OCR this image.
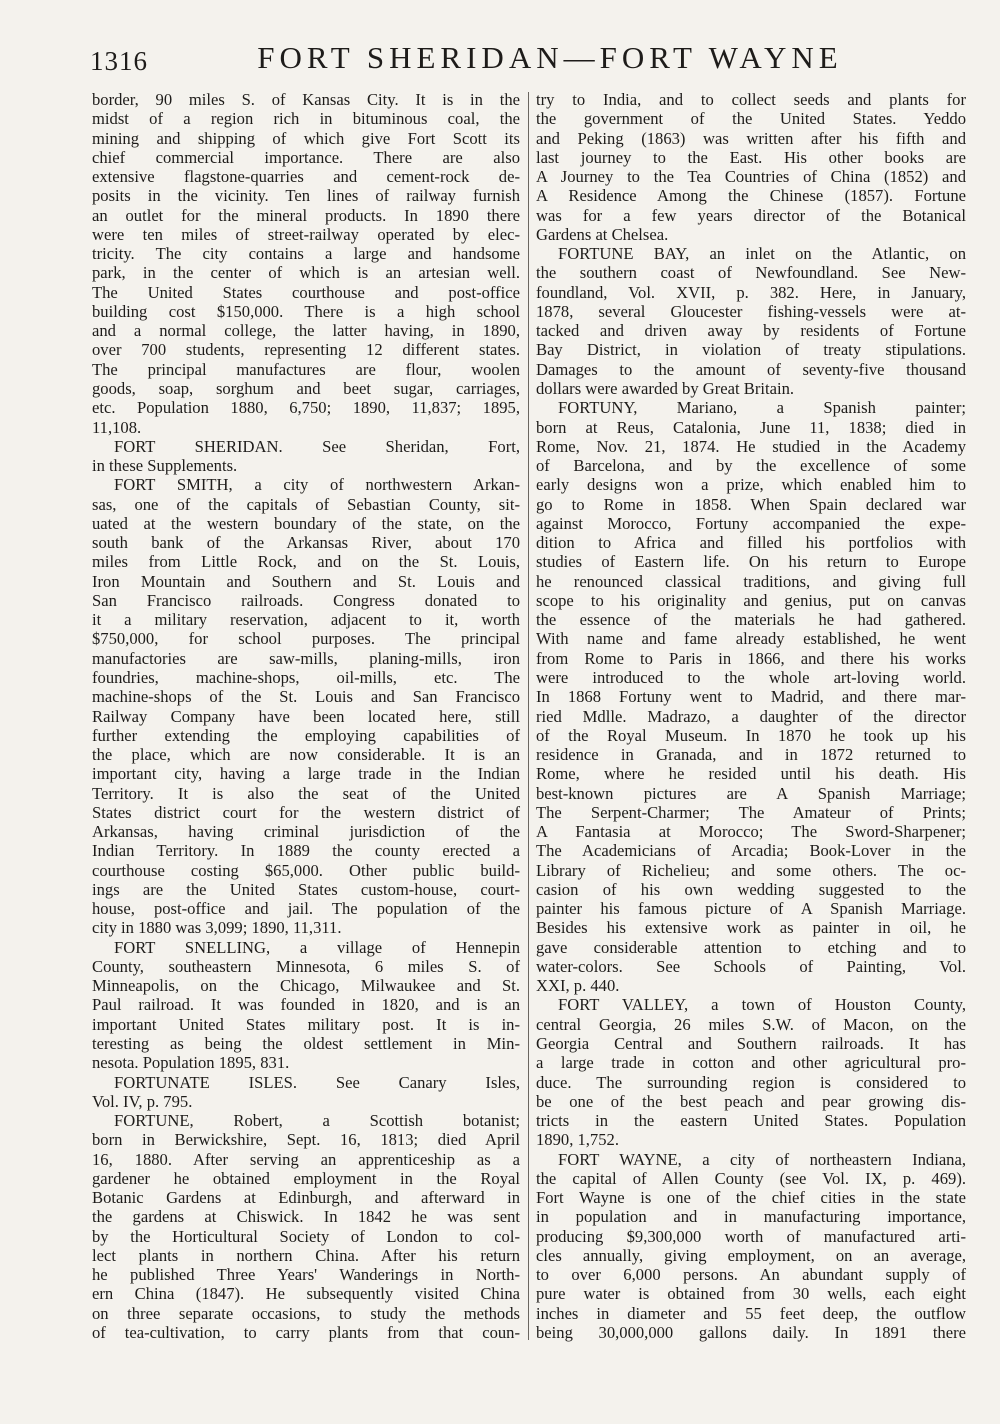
1316	FORT SHERIDAN—FORT WAYNE
border, 90 miles S. of Kansas City. It is in the
midst of a region rich in bituminous coal, the
mining and shipping of which give Fort Scott its
chief commercial importance. There are also
extensive flagstone-quarries and cement-rock de-
posits in the vicinity. Ten lines of railway furnish
an outlet for the mineral products. In 1890 there
were ten miles of street-railway operated by elec-
tricity. The city contains a large and handsome
park, in the center of which is an artesian well.
The United States courthouse and post-office
building cost $150,000. There is a high school
and a normal college, the latter having, in 1890,
over 700 students, representing 12 different states.
The principal manufactures are flour, woolen
goods, soap, sorghum and beet sugar, carriages,
etc. Population 1880, 6,750; 1890, 11,837; 1895,
11,108.
FORT SHERIDAN. See Sheridan, Fort,
in these Supplements.
FORT SMITH, a city of northwestern Arkan-
sas, one of the capitals of Sebastian County, sit-
uated at the western boundary of the state, on the
south bank of the Arkansas River, about 170
miles from Little Rock, and on the St. Louis,
Iron Mountain and Southern and St. Louis and
San Francisco railroads. Congress donated to
it a military reservation, adjacent to it, worth
$750,000, for school purposes. The principal
manufactories are saw-mills, planing-mills, iron
foundries, machine-shops, oil-mills, etc. The
machine-shops of the St. Louis and San Francisco
Railway Company have been located here, still
further extending the employing capabilities of
the place, which are now considerable. It is an
important city, having a large trade in the Indian
Territory. It is also the seat of the United
States district court for the western district of
Arkansas, having criminal jurisdiction of the
Indian Territory. In 1889 the county erected a
courthouse costing $65,000. Other public build-
ings are the United States custom-house, court-
house, post-office and jail. The population of the
city in 1880 was 3,099; 1890, 11,311.
FORT SNELLING, a village of Hennepin
County, southeastern Minnesota, 6 miles S. of
Minneapolis, on the Chicago, Milwaukee and St.
Paul railroad. It was founded in 1820, and is an
important United States military post. It is in-
teresting as being the oldest settlement in Min-
nesota. Population 1895, 831.
FORTUNATE ISLES. See Canary Isles,
Vol. IV, p. 795.
FORTUNE, Robert, a Scottish botanist;
born in Berwickshire, Sept. 16, 1813; died April
16, 1880. After serving an apprenticeship as a
gardener he obtained employment in the Royal
Botanic Gardens at Edinburgh, and afterward in
the gardens at Chiswick. In 1842 he was sent
by the Horticultural Society of London to col-
lect plants in northern China. After his return
he published Three Years' Wanderings in North-
ern China (1847). He subsequently visited China
on three separate occasions, to study the methods
of tea-cultivation, to carry plants from that coun-
try to India, and to collect seeds and plants for
the government of the United States. Yeddo
and Peking (1863) was written after his fifth and
last journey to the East. His other books are
A Journey to the Tea Countries of China (1852) and
A Residence Among the Chinese (1857). Fortune
was for a few years director of the Botanical
Gardens at Chelsea.
FORTUNE BAY, an inlet on the Atlantic, on
the southern coast of Newfoundland. See New-
foundland, Vol. XVII, p. 382. Here, in January,
1878, several Gloucester fishing-vessels were at-
tacked and driven away by residents of Fortune
Bay District, in violation of treaty stipulations.
Damages to the amount of seventy-five thousand
dollars were awarded by Great Britain.
FORTUNY, Mariano, a Spanish painter;
born at Reus, Catalonia, June 11, 1838; died in
Rome, Nov. 21, 1874. He studied in the Academy
of Barcelona, and by the excellence of some
early designs won a prize, which enabled him to
go to Rome in 1858. When Spain declared war
against Morocco, Fortuny accompanied the expe-
dition to Africa and filled his portfolios with
studies of Eastern life. On his return to Europe
he renounced classical traditions, and giving full
scope to his originality and genius, put on canvas
the essence of the materials he had gathered.
With name and fame already established, he went
from Rome to Paris in 1866, and there his works
were introduced to the whole art-loving world.
In 1868 Fortuny went to Madrid, and there mar-
ried Mdlle. Madrazo, a daughter of the director
of the Royal Museum. In 1870 he took up his
residence in Granada, and in 1872 returned to
Rome, where he resided until his death. His
best-known pictures are A Spanish Marriage;
The Serpent-Charmer; The Amateur of Prints;
A Fantasia at Morocco; The Sword-Sharpener;
The Academicians of Arcadia; Book-Lover in the
Library of Richelieu; and some others. The oc-
casion of his own wedding suggested to the
painter his famous picture of A Spanish Marriage.
Besides his extensive work as painter in oil, he
gave considerable attention to etching and to
water-colors. See Schools of Painting, Vol.
XXI, p. 440.
FORT VALLEY, a town of Houston County,
central Georgia, 26 miles S.W. of Macon, on the
Georgia Central and Southern railroads. It has
a large trade in cotton and other agricultural pro-
duce. The surrounding region is considered to
be one of the best peach and pear growing dis-
tricts in the eastern United States. Population
1890, 1,752.
FORT WAYNE, a city of northeastern Indiana,
the capital of Allen County (see Vol. IX, p. 469).
Fort Wayne is one of the chief cities in the state
in population and in manufacturing importance,
producing $9,300,000 worth of manufactured arti-
cles annually, giving employment, on an average,
to over 6,000 persons. An abundant supply of
pure water is obtained from 30 wells, each eight
inches in diameter and 55 feet deep, the outflow
being 30,000,000 gallons daily. In 1891 there
